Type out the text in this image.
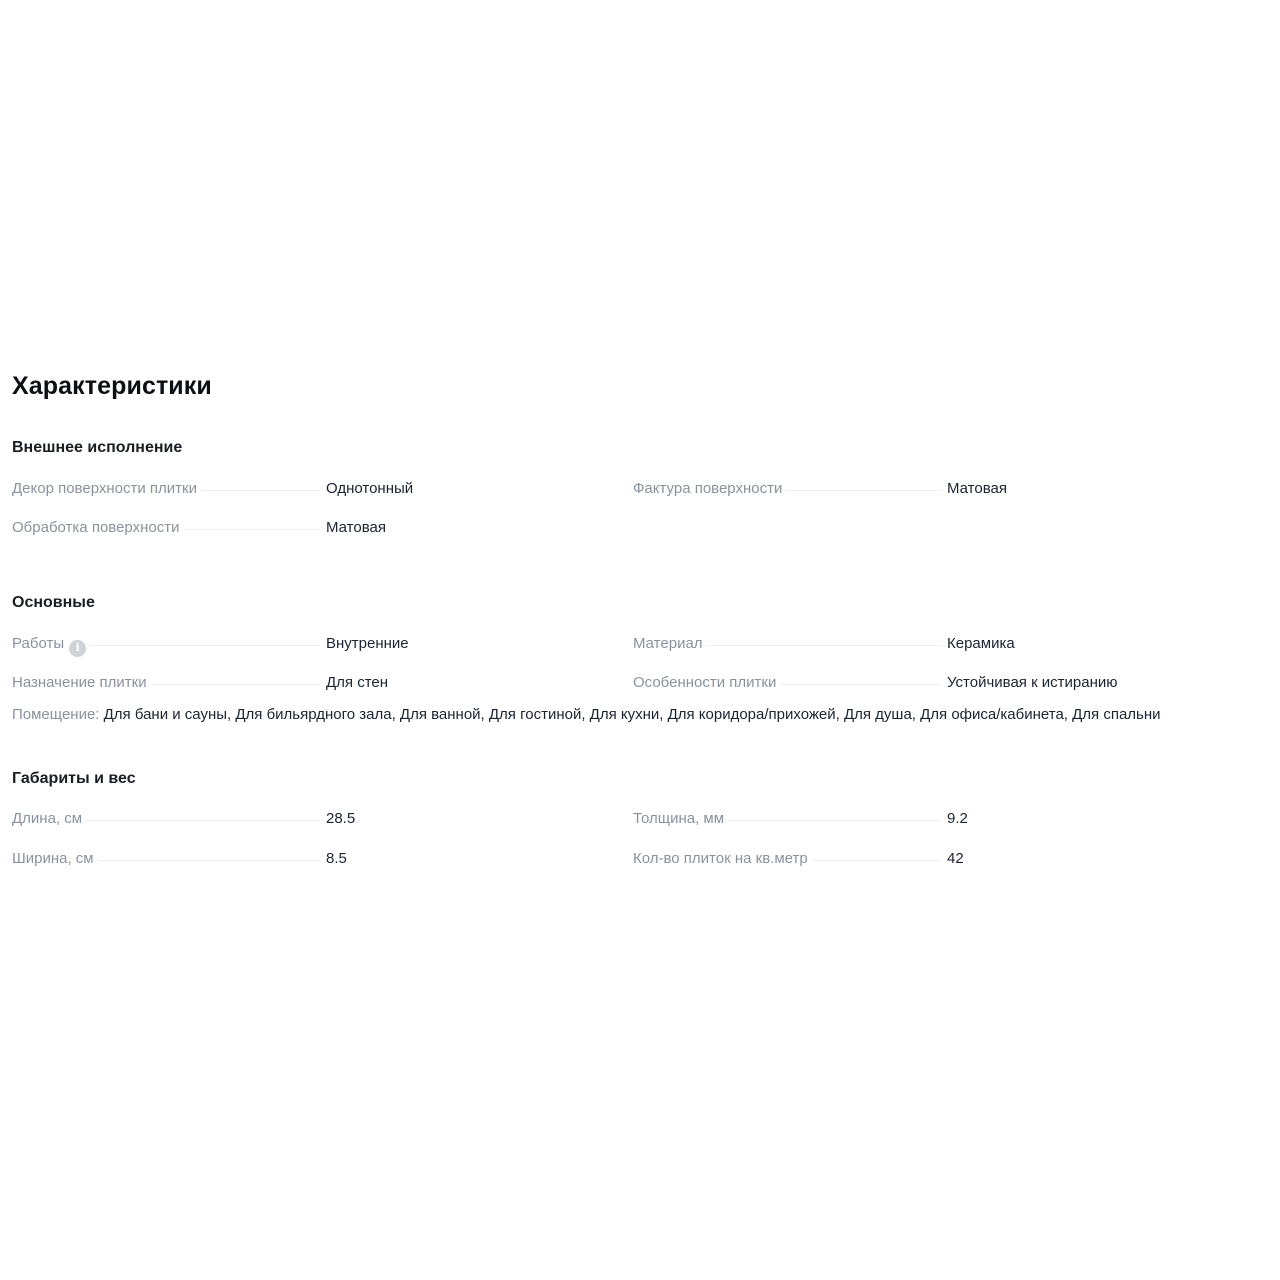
Характеристики
Внешнее исполнение
Декор поверхности плитки	Однотонный	Фактура поверхности	Матовая
Обработка поверхности	Матовая
Основные
Работы	i	Внутренние	Материал	Керамика
Назначение плитки	Для стен	Особенности плитки	Устойчивая к истиранию
Помещение: Для бани и сауны, Для бильярдного зала, Для ванной, Для гостиной, Для кухни, Для коридора/прихожей, Для душа, Для офиса/кабинета, Для спальни
Габариты и вес
Длина, см	28.5	Толщина, мм	9.2
Ширина, см	8.5	Кол-во плиток на кв.метр	42
